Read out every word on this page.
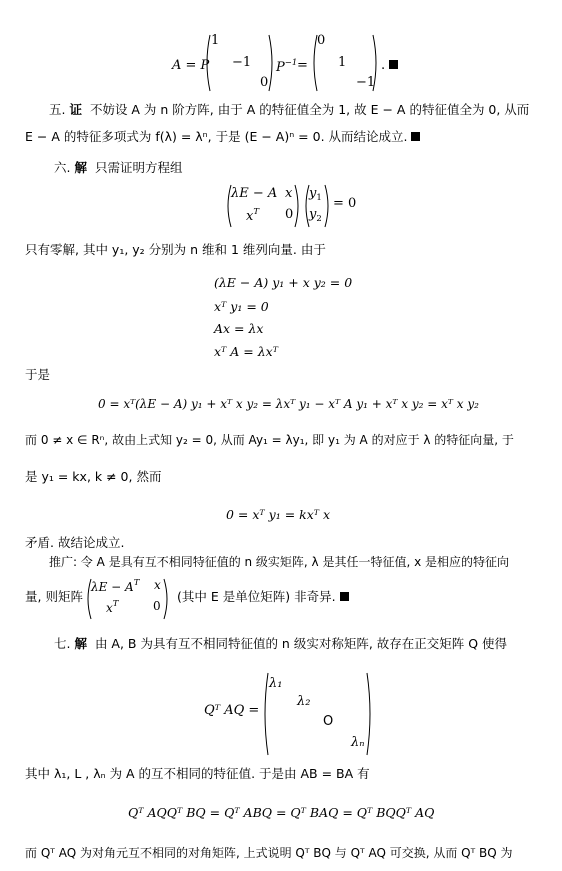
A = P
1
−1
0
$P^{-1}$ =
0
1
−1
.
五. 证 不妨设 A 为 n 阶方阵, 由于 A 的特征值全为 1, 故 E − A 的特征值全为 0, 从而
E − A 的特征多项式为 f(λ) = λⁿ, 于是 (E − A)ⁿ = 0. 从而结论成立.
六. 解 只需证明方程组
λE − A x
$x^T$ 0
$y_1$
$y_2$
= 0
只有零解, 其中 y₁, y₂ 分别为 n 维和 1 维列向量. 由于
(λE − A) y₁ + x y₂ = 0
xᵀ y₁ = 0
Ax = λx
xᵀ A = λxᵀ
于是
0 = xᵀ(λE − A) y₁ + xᵀ x y₂ = λxᵀ y₁ − xᵀ A y₁ + xᵀ x y₂ = xᵀ x y₂
而 0 ≠ x ∈ Rⁿ, 故由上式知 y₂ = 0, 从而 Ay₁ = λy₁, 即 y₁ 为 A 的对应于 λ 的特征向量, 于
是 y₁ = kx, k ≠ 0, 然而
0 = xᵀ y₁ = kxᵀ x
矛盾. 故结论成立.
推广: 令 A 是具有互不相同特征值的 n 级实矩阵, λ 是其任一特征值, x 是相应的特征向
量, 则矩阵
$\lambda E - A^T$ x
$x^T$	0
(其中 E 是单位矩阵) 非奇异.
七. 解 由 A, B 为具有互不相同特征值的 n 级实对称矩阵, 故存在正交矩阵 Q 使得
Qᵀ AQ =
λ₁
λ₂
O
λₙ
其中 λ₁, L , λₙ 为 A 的互不相同的特征值. 于是由 AB = BA 有
Qᵀ AQQᵀ BQ = Qᵀ ABQ = Qᵀ BAQ = Qᵀ BQQᵀ AQ
而 Qᵀ AQ 为对角元互不相同的对角矩阵, 上式说明 Qᵀ BQ 与 Qᵀ AQ 可交换, 从而 Qᵀ BQ 为
